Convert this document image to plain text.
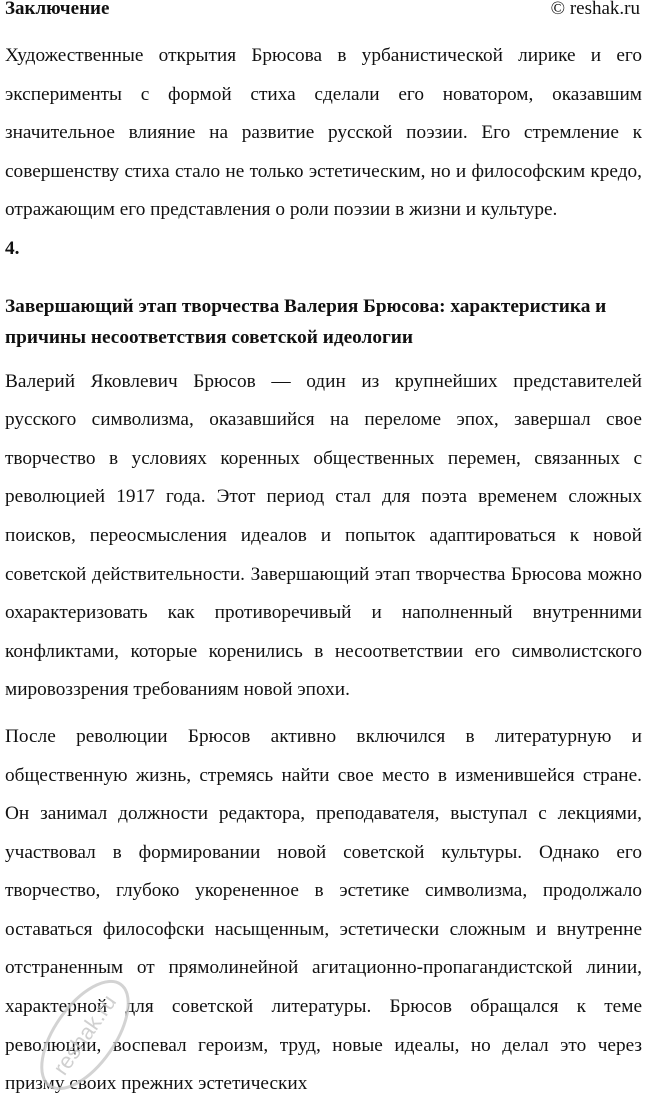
Заключение	© reshak.ru

Художественные открытия Брюсова в урбанистической лирике и его эксперименты с формой стиха сделали его новатором, оказавшим значительное влияние на развитие русской поэзии. Его стремление к совершенству стиха стало не только эстетическим, но и философским кредо, отражающим его представления о роли поэзии в жизни и культуре.

4.
Завершающий этап творчества Валерия Брюсова: характеристика и причины несоответствия советской идеологии

Валерий Яковлевич Брюсов — один из крупнейших представителей русского символизма, оказавшийся на переломе эпох, завершал свое творчество в условиях коренных общественных перемен, связанных с революцией 1917 года. Этот период стал для поэта временем сложных поисков, переосмысления идеалов и попыток адаптироваться к новой советской действительности. Завершающий этап творчества Брюсова можно охарактеризовать как противоречивый и наполненный внутренними конфликтами, которые коренились в несоответствии его символистского мировоззрения требованиям новой эпохи.

После революции Брюсов активно включился в литературную и общественную жизнь, стремясь найти свое место в изменившейся стране. Он занимал должности редактора, преподавателя, выступал с лекциями, участвовал в формировании новой советской культуры. Однако его творчество, глубоко укорененное в эстетике символизма, продолжало оставаться философски насыщенным, эстетически сложным и внутренне отстраненным от прямолинейной агитационно-пропагандистской линии, характерной для советской литературы. Брюсов обращался к теме революции, воспевал героизм, труд, новые идеалы, но делал это через призму своих прежних эстетических

reshak.ru
